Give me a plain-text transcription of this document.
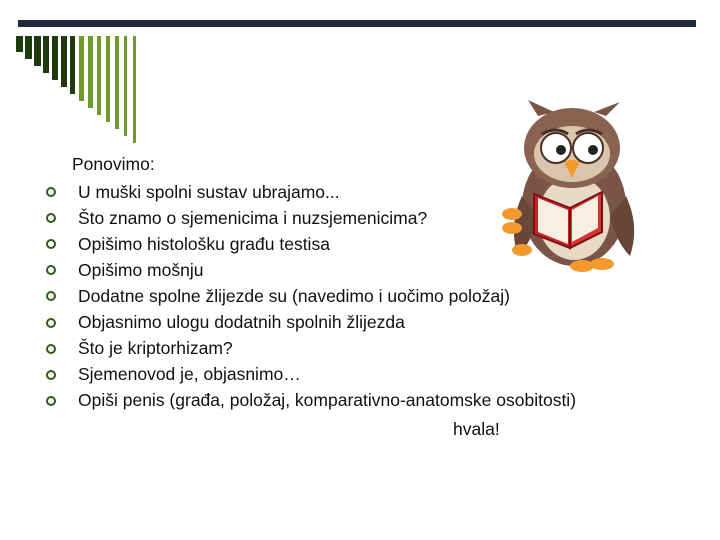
Ponovimo:
U muški spolni sustav ubrajamo...
Što znamo o sjemenicima i nuzsjemenicima?
Opišimo histološku građu testisa
Opišimo mošnju
Dodatne spolne žlijezde su (navedimo i uočimo položaj)
Objasnimo ulogu dodatnih spolnih žlijezda
Što je kriptorhizam?
Sjemenovod je, objasnimo…
Opiši penis (građa, položaj, komparativno-anatomske osobitosti)
hvala!
